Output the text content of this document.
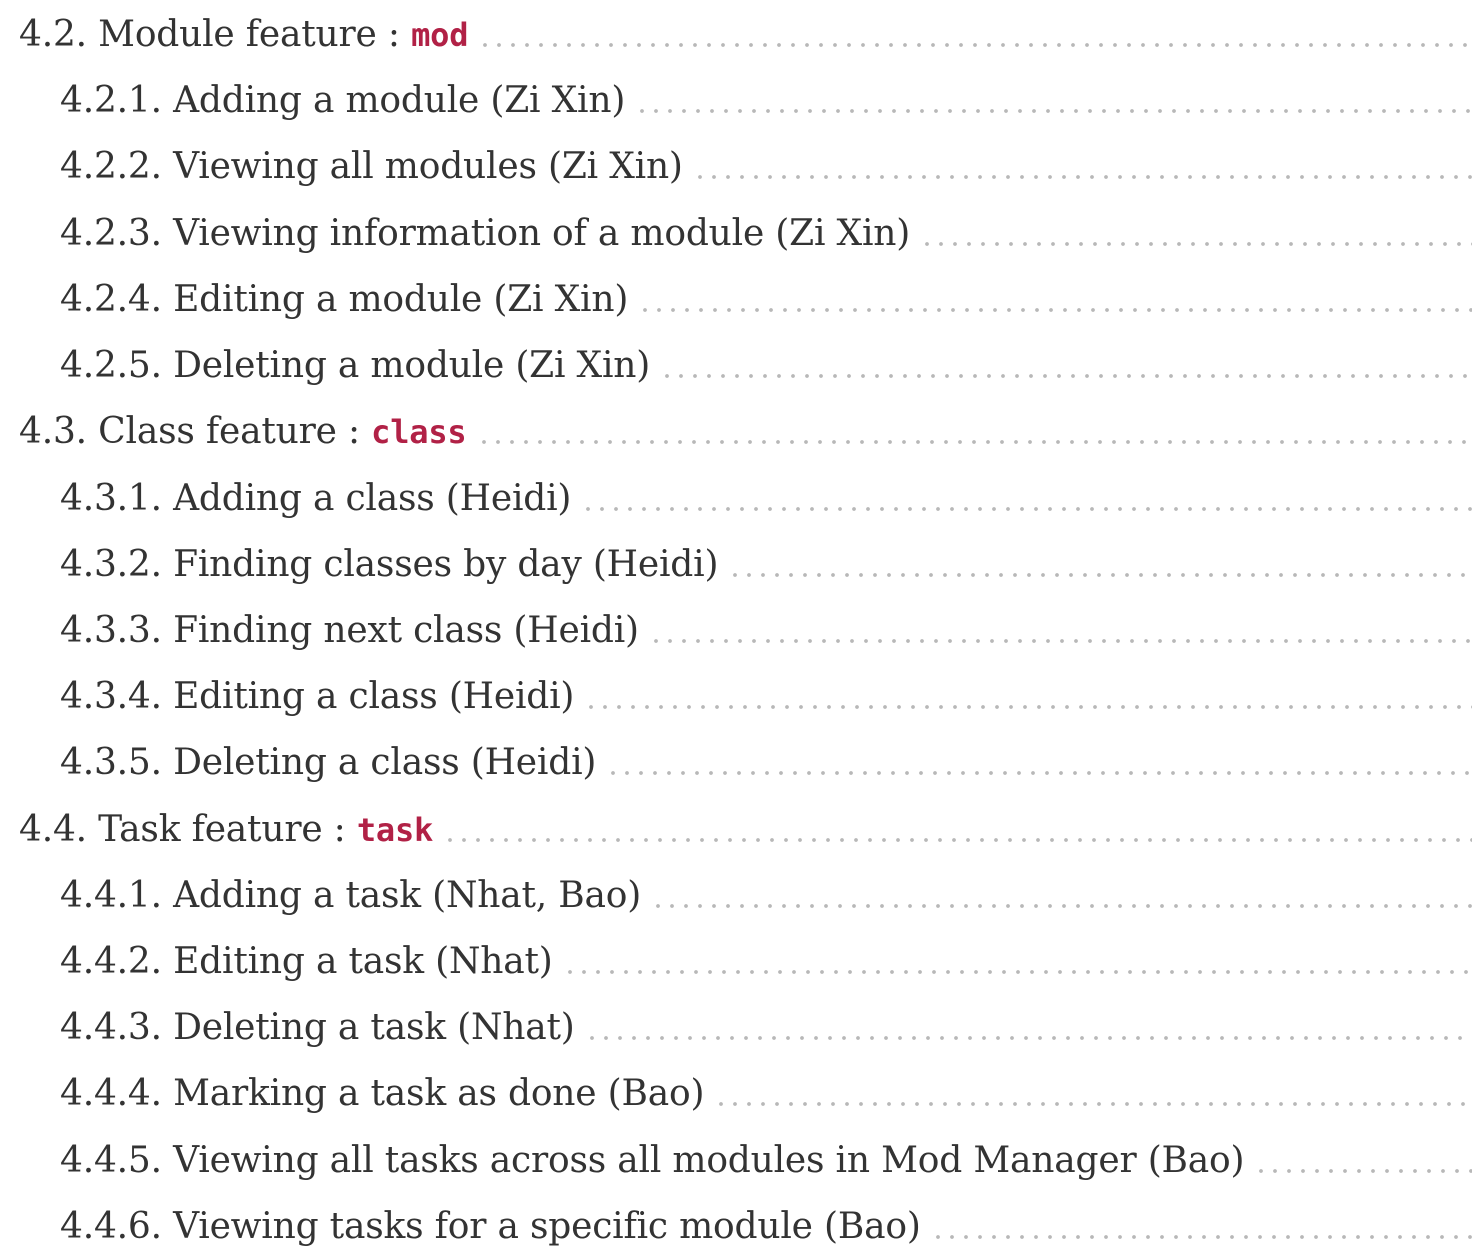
4.2. Module feature : mod
4.2.1. Adding a module (Zi Xin)
4.2.2. Viewing all modules (Zi Xin)
4.2.3. Viewing information of a module (Zi Xin)
4.2.4. Editing a module (Zi Xin)
4.2.5. Deleting a module (Zi Xin)
4.3. Class feature : class
4.3.1. Adding a class (Heidi)
4.3.2. Finding classes by day (Heidi)
4.3.3. Finding next class (Heidi)
4.3.4. Editing a class (Heidi)
4.3.5. Deleting a class (Heidi)
4.4. Task feature : task
4.4.1. Adding a task (Nhat, Bao)
4.4.2. Editing a task (Nhat)
4.4.3. Deleting a task (Nhat)
4.4.4. Marking a task as done (Bao)
4.4.5. Viewing all tasks across all modules in Mod Manager (Bao)
4.4.6. Viewing tasks for a specific module (Bao)
